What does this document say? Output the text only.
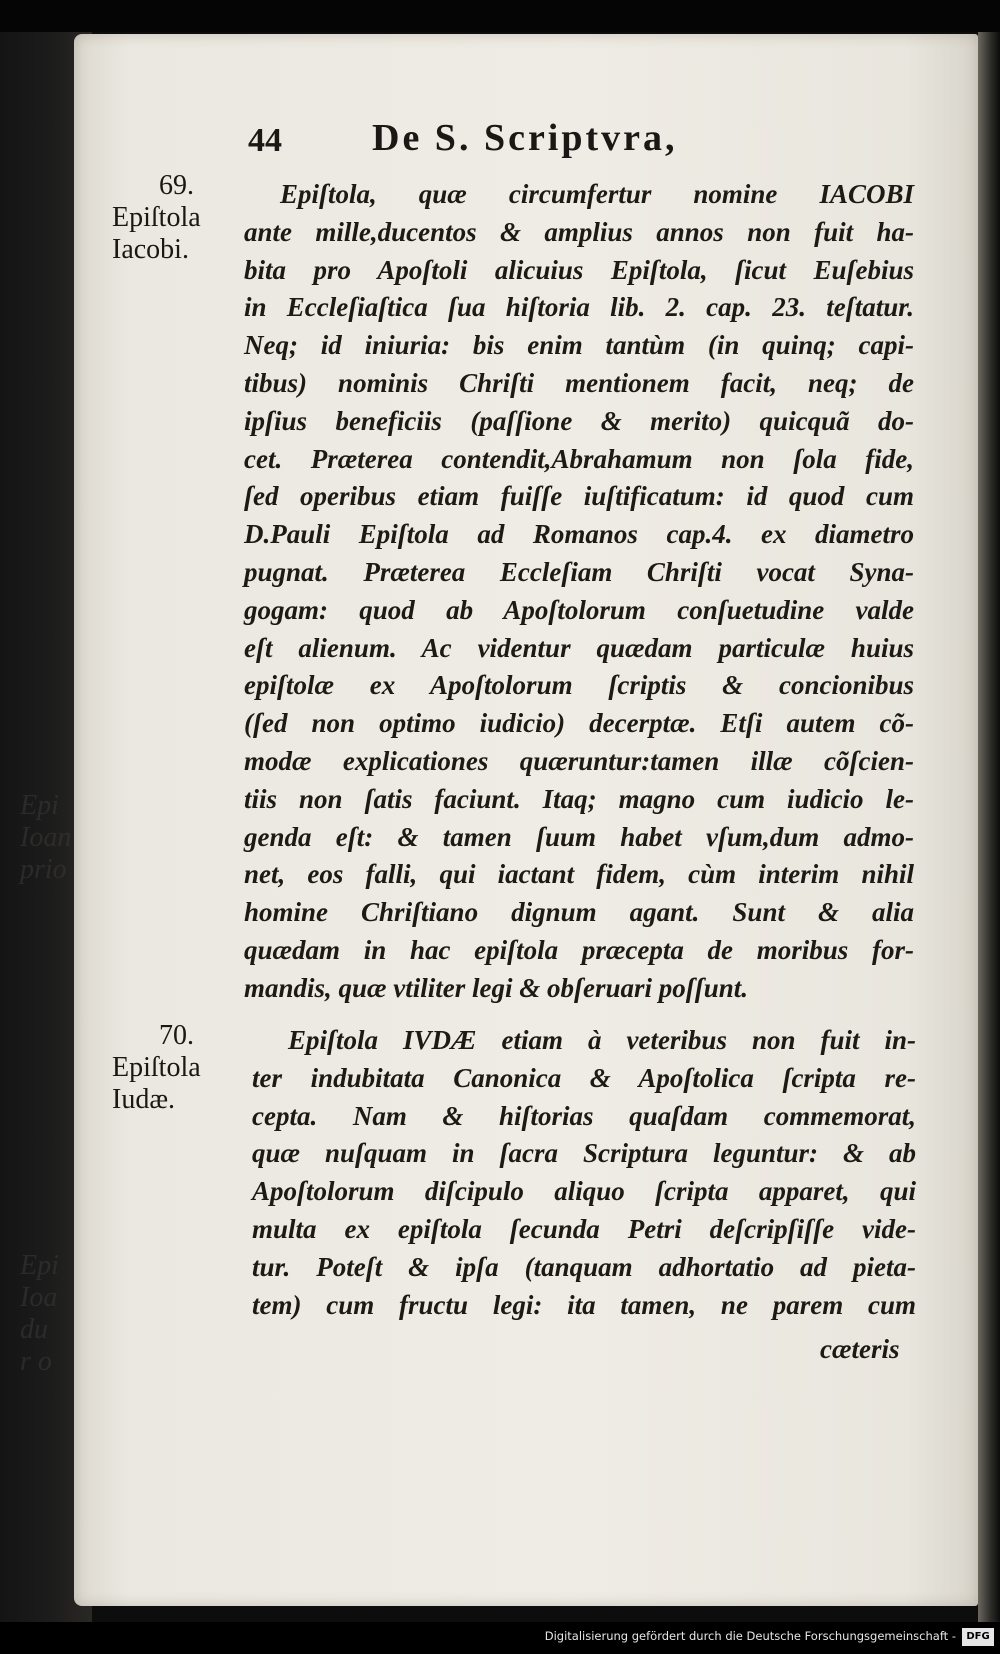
Epi
Ioan
prio
Epi
Ioa
du
r o
44	De S. Scriptvra,
69.
Epiſtola
Iacobi.
70.
Epiſtola
Iudæ.
Epiſtola, quæ circumfertur nomine IACOBI
ante mille,ducentos & amplius annos non fuit ha-
bita pro Apoſtoli alicuius Epiſtola, ſicut Euſebius
in Eccleſiaſtica ſua hiſtoria lib. 2. cap. 23. teſtatur.
Neq; id iniuria: bis enim tantùm (in quinq; capi-
tibus) nominis Chriſti mentionem facit, neq; de
ipſius beneficiis (paſſione & merito) quicquã do-
cet. Præterea contendit,Abrahamum non ſola fide,
ſed operibus etiam fuiſſe iuſtificatum: id quod cum
D.Pauli Epiſtola ad Romanos cap.4. ex diametro
pugnat. Præterea Eccleſiam Chriſti vocat Syna-
gogam: quod ab Apoſtolorum conſuetudine valde
eſt alienum. Ac videntur quædam particulæ huius
epiſtolæ ex Apoſtolorum ſcriptis & concionibus
(ſed non optimo iudicio) decerptæ. Etſi autem cõ-
modæ explicationes quæruntur:tamen illæ cõſcien-
tiis non ſatis faciunt. Itaq; magno cum iudicio le-
genda eſt: & tamen ſuum habet vſum,dum admo-
net, eos falli, qui iactant fidem, cùm interim nihil
homine Chriſtiano dignum agant. Sunt & alia
quædam in hac epiſtola præcepta de moribus for-
mandis, quæ vtiliter legi & obſeruari poſſunt.
Epiſtola IVDÆ etiam à veteribus non fuit in-
ter indubitata Canonica & Apoſtolica ſcripta re-
cepta. Nam & hiſtorias quaſdam commemorat,
quæ nuſquam in ſacra Scriptura leguntur: & ab
Apoſtolorum diſcipulo aliquo ſcripta apparet, qui
multa ex epiſtola ſecunda Petri deſcripſiſſe vide-
tur. Poteſt & ipſa (tanquam adhortatio ad pieta-
tem) cum fructu legi: ita tamen, ne parem cum
cæteris
Digitalisierung gefördert durch die Deutsche Forschungsgemeinschaft -	DFG
